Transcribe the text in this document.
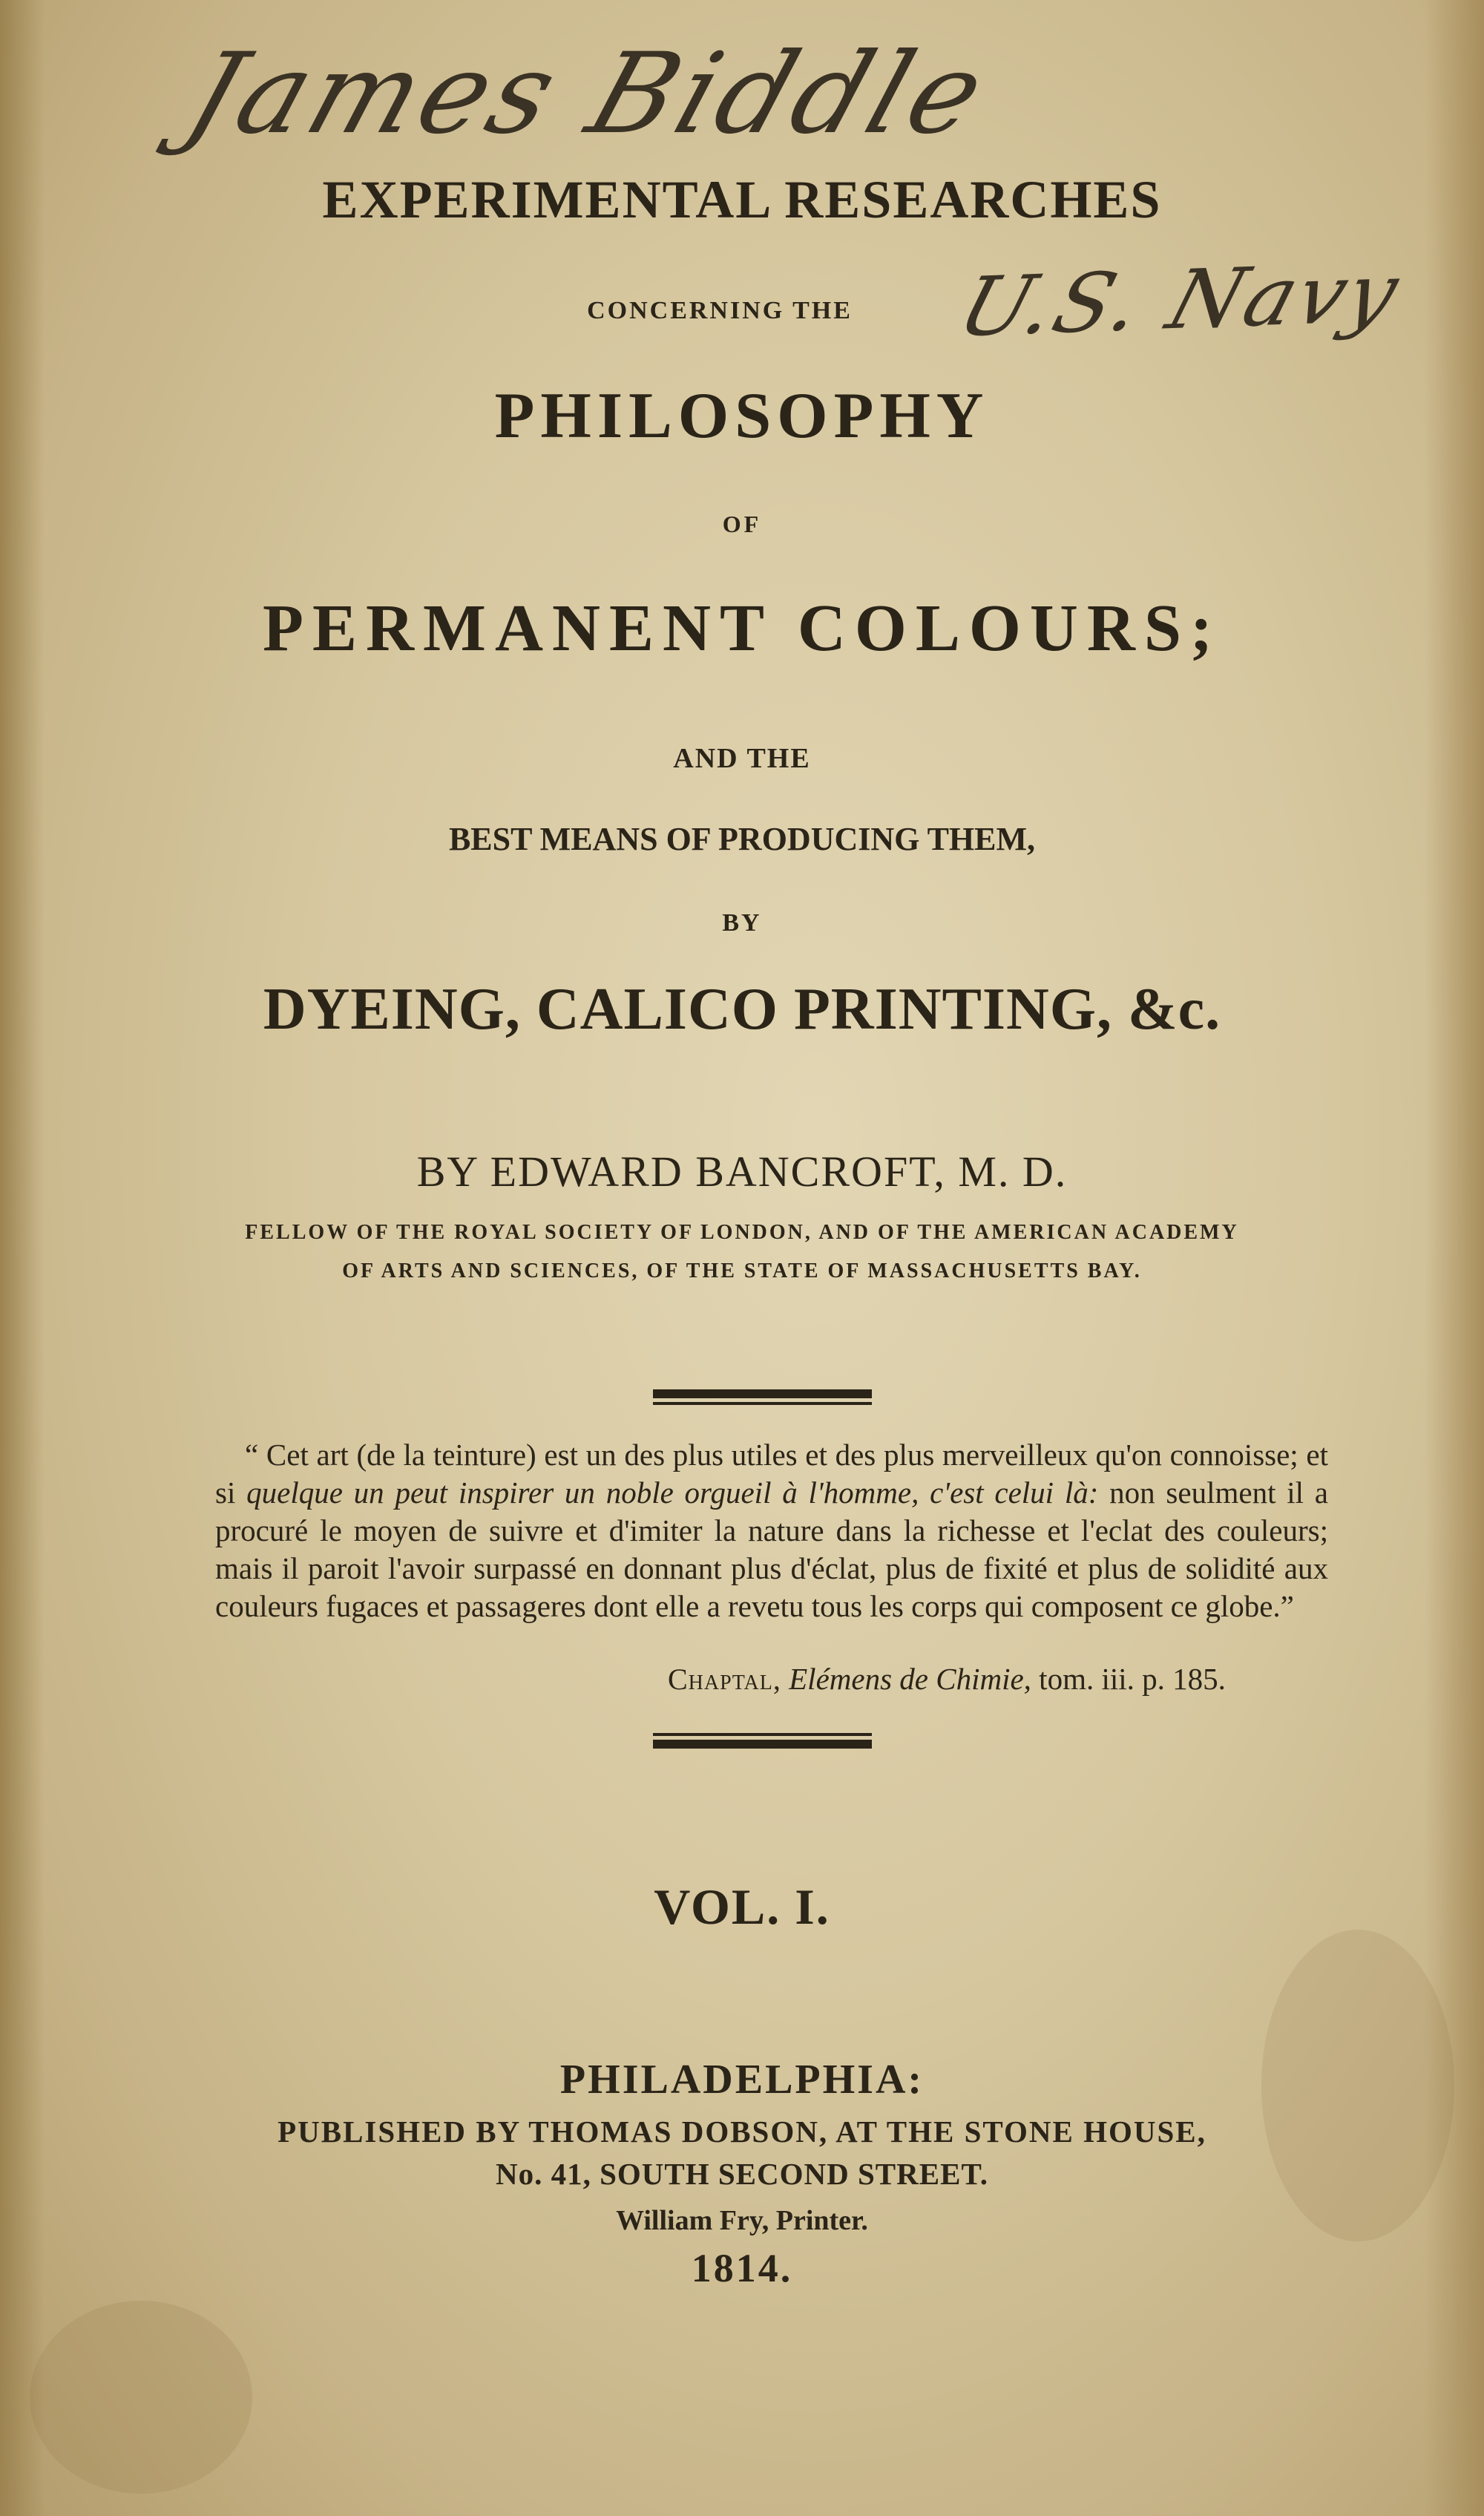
James Biddle
U.S. Navy
EXPERIMENTAL RESEARCHES
CONCERNING THE
PHILOSOPHY
OF
PERMANENT COLOURS;
AND THE
BEST MEANS OF PRODUCING THEM,
BY
DYEING, CALICO PRINTING, &c.
BY EDWARD BANCROFT, M. D.
FELLOW OF THE ROYAL SOCIETY OF LONDON, AND OF THE AMERICAN ACADEMY
OF ARTS AND SCIENCES, OF THE STATE OF MASSACHUSETTS BAY.

“ Cet art (de la teinture) est un des plus utiles et des plus merveilleux qu'on connoisse; et si quelque un peut inspirer un noble orgueil à l'homme, c'est celui là: non seulment il a procuré le moyen de suivre et d'imiter la nature dans la richesse et l'eclat des couleurs; mais il paroit l'avoir surpassé en donnant plus d'éclat, plus de fixité et plus de solidité aux couleurs fugaces et passageres dont elle a revetu tous les corps qui composent ce globe.”

Chaptal, Elémens de Chimie, tom. iii. p. 185.
VOL. I.
PHILADELPHIA:
PUBLISHED BY THOMAS DOBSON, AT THE STONE HOUSE,
No. 41, SOUTH SECOND STREET.
William Fry, Printer.
1814.
